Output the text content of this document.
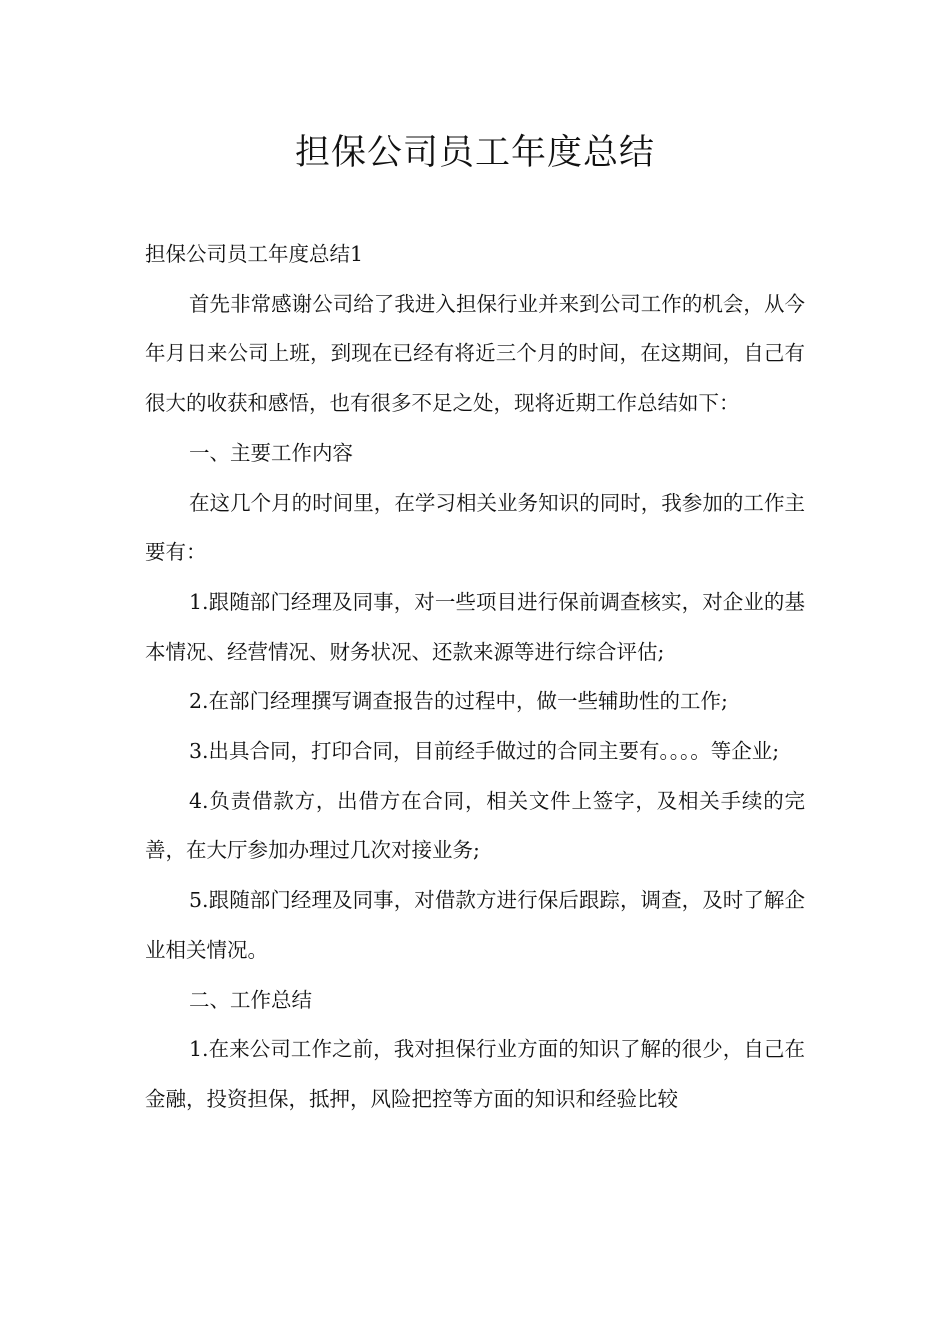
担保公司员工年度总结

担保公司员工年度总结1

首先非常感谢公司给了我进入担保行业并来到公司工作的机会，从今年月日来公司上班，到现在已经有将近三个月的时间，在这期间，自己有很大的收获和感悟，也有很多不足之处，现将近期工作总结如下：

一、主要工作内容

在这几个月的时间里，在学习相关业务知识的同时，我参加的工作主要有：

1.跟随部门经理及同事，对一些项目进行保前调查核实，对企业的基本情况、经营情况、财务状况、还款来源等进行综合评估;

2.在部门经理撰写调查报告的过程中，做一些辅助性的工作;

3.出具合同，打印合同，目前经手做过的合同主要有。。。。等企业;

4.负责借款方，出借方在合同，相关文件上签字，及相关手续的完善，在大厅参加办理过几次对接业务;

5.跟随部门经理及同事，对借款方进行保后跟踪，调查，及时了解企业相关情况。

二、工作总结

1.在来公司工作之前，我对担保行业方面的知识了解的很少，自己在金融，投资担保，抵押，风险把控等方面的知识和经验比较
